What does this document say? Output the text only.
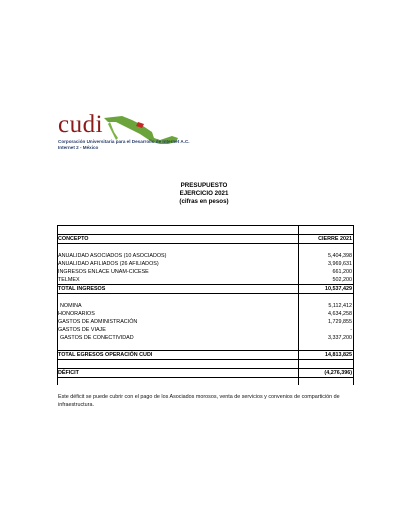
cudi
Corporación Universitaria para el Desarrollo de Internet A.C.
Internet 2 - México
PRESUPUESTO
EJERCICIO 2021
(cifras en pesos)
CONCEPTO	CIERRE 2021
ANUALIDAD ASOCIADOS (10 ASOCIADOS)	5,404,398
ANUALIDAD AFILIADOS (26 AFILIADOS)	3,969,631
INGRESOS ENLACE UNAM-CICESE	661,200
TELMEX	502,200
TOTAL INGRESOS	10,537,429
NOMINA	5,112,412
HONORARIOS	4,634,258
GASTOS DE ADMINISTRACIÓN	1,729,855
GASTOS DE VIAJE	-
GASTOS DE CONECTIVIDAD	3,337,200
TOTAL EGRESOS OPERACIÓN CUDI	14,813,825
DÉFICIT	(4,276,396)
Este déficit se puede cubrir con el pago de los Asociados morosos, venta de servicios y convenios de compartición de infraestructura.
